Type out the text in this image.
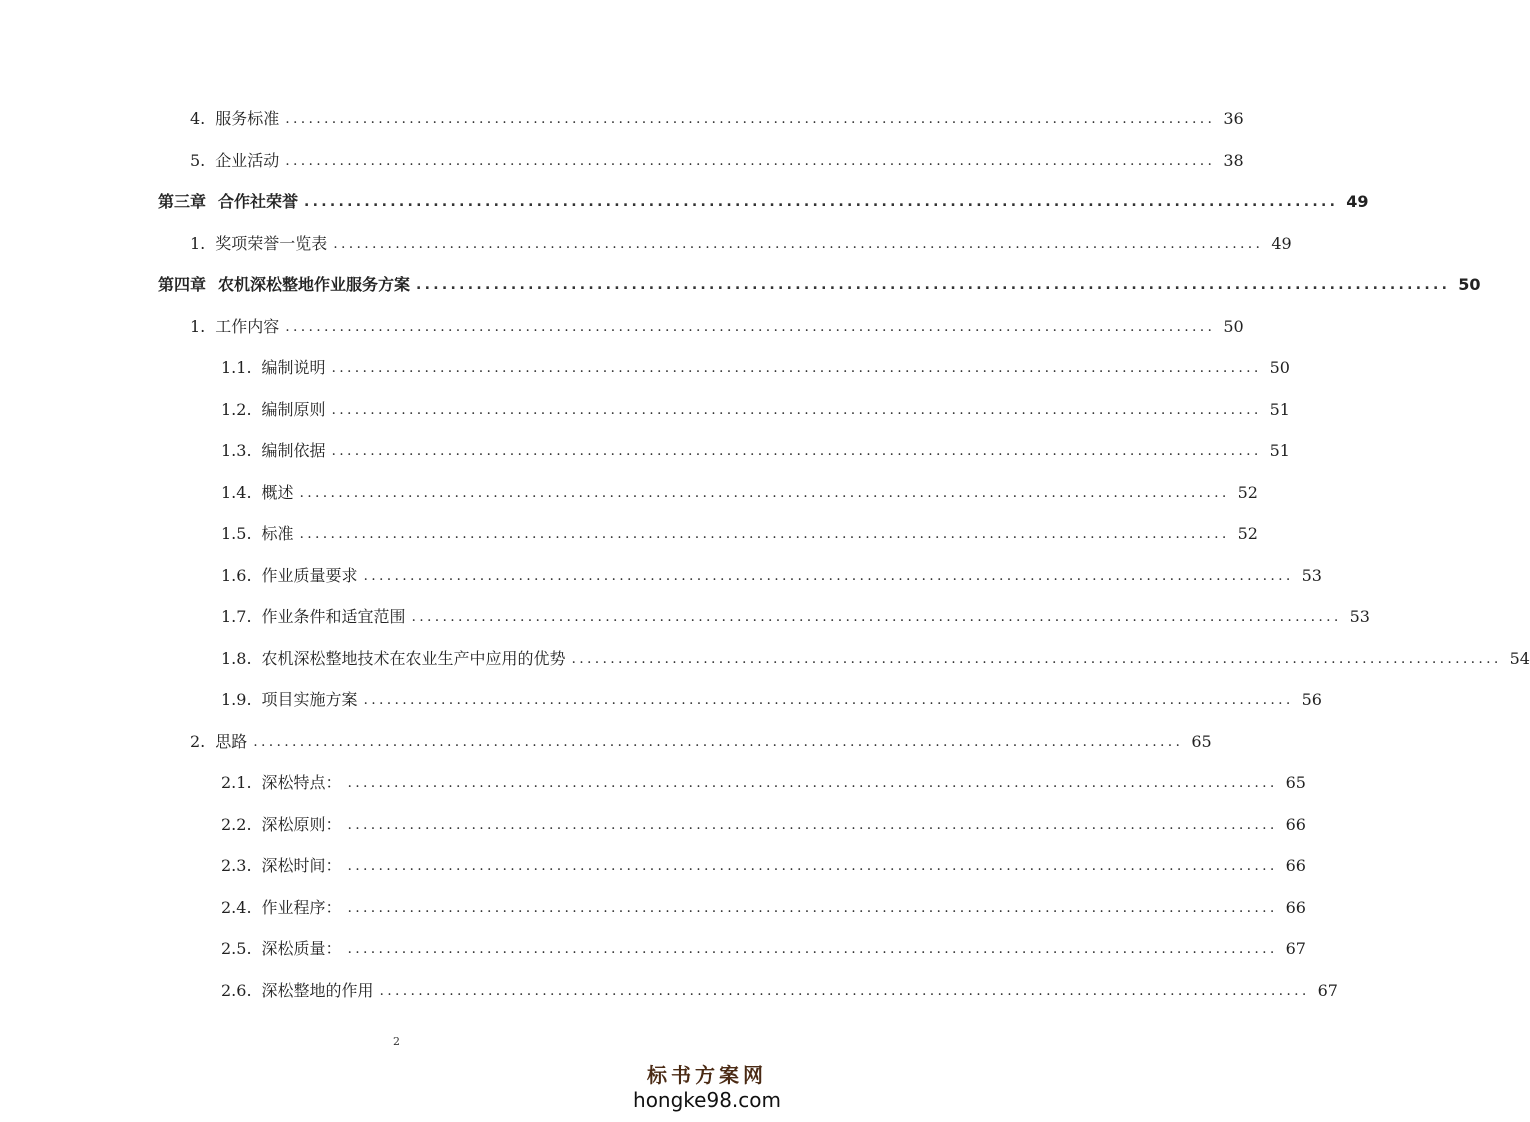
4. 服务标准 ........................................................................................................................ 36
5. 企业活动 ........................................................................................................................ 38
第三章 合作社荣誉 ........................................................................................................................ 49
1. 奖项荣誉一览表 ........................................................................................................................ 49
第四章 农机深松整地作业服务方案 ........................................................................................................................ 50
1. 工作内容 ........................................................................................................................ 50
1.1. 编制说明 ........................................................................................................................ 50
1.2. 编制原则 ........................................................................................................................ 51
1.3. 编制依据 ........................................................................................................................ 51
1.4. 概述 ........................................................................................................................ 52
1.5. 标准 ........................................................................................................................ 52
1.6. 作业质量要求 ........................................................................................................................ 53
1.7. 作业条件和适宜范围 ........................................................................................................................ 53
1.8. 农机深松整地技术在农业生产中应用的优势 ........................................................................................................................ 54
1.9. 项目实施方案 ........................................................................................................................ 56
2. 思路 ........................................................................................................................ 65
2.1. 深松特点： ........................................................................................................................ 65
2.2. 深松原则： ........................................................................................................................ 66
2.3. 深松时间： ........................................................................................................................ 66
2.4. 作业程序： ........................................................................................................................ 66
2.5. 深松质量： ........................................................................................................................ 67
2.6. 深松整地的作用 ........................................................................................................................ 67
2
标书方案网
hongke98.com
